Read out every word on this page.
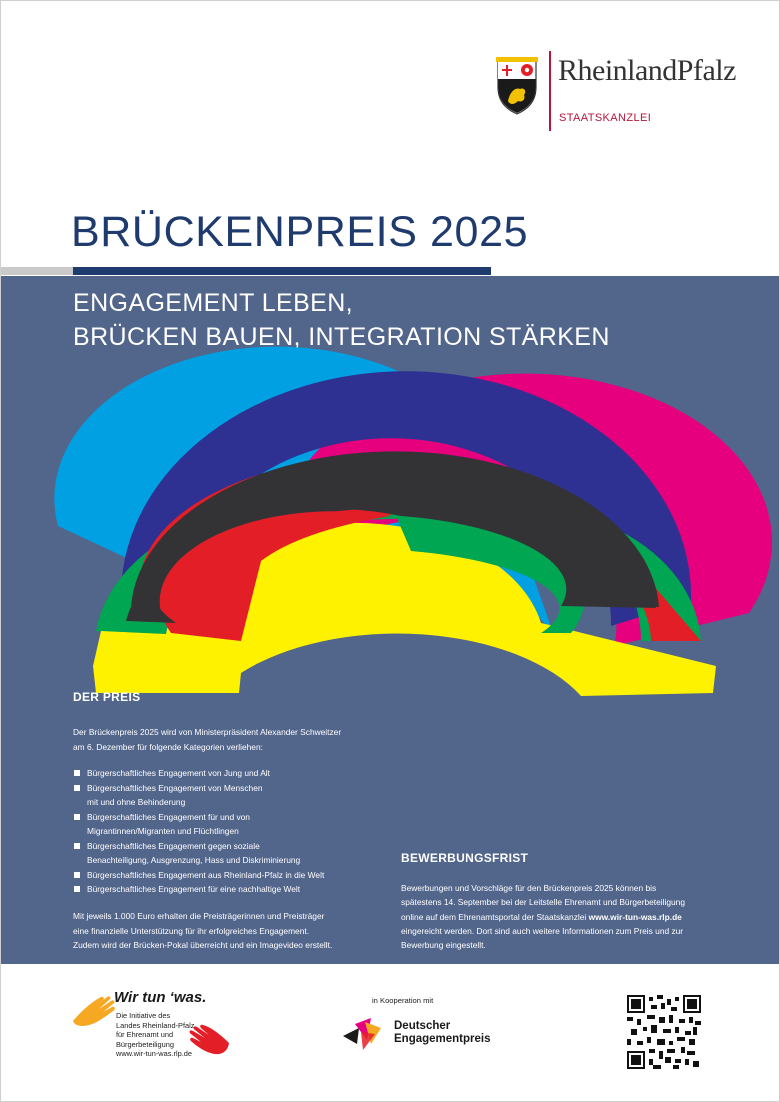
RheinlandPfalz
STAATSKANZLEI
BRÜCKENPREIS 2025
ENGAGEMENT LEBEN,
BRÜCKEN BAUEN, INTEGRATION STÄRKEN
DER PREIS
Der Brückenpreis 2025 wird von Ministerpräsident Alexander Schweitzer
am 6. Dezember für folgende Kategorien verliehen:
Bürgerschaftliches Engagement von Jung und Alt
Bürgerschaftliches Engagement von Menschen
mit und ohne Behinderung
Bürgerschaftliches Engagement für und von
Migrantinnen/Migranten und Flüchtlingen
Bürgerschaftliches Engagement gegen soziale
Benachteiligung, Ausgrenzung, Hass und Diskriminierung
Bürgerschaftliches Engagement aus Rheinland-Pfalz in die Welt
Bürgerschaftliches Engagement für eine nachhaltige Welt
Mit jeweils 1.000 Euro erhalten die Preisträgerinnen und Preisträger
eine finanzielle Unterstützung für ihr erfolgreiches Engagement.
Zudem wird der Brücken-Pokal überreicht und ein Imagevideo erstellt.
BEWERBUNGSFRIST
Bewerbungen und Vorschläge für den Brückenpreis 2025 können bis
spätestens 14. September bei der Leitstelle Ehrenamt und Bürgerbeteiligung
online auf dem Ehrenamtsportal der Staatskanzlei www.wir-tun-was.rlp.de
eingereicht werden. Dort sind auch weitere Informationen zum Preis und zur
Bewerbung eingestellt.
Wir tun ‘was.
Die Initiative des
Landes Rheinland-Pfalz
für Ehrenamt und
Bürgerbeteiligung
www.wir-tun-was.rlp.de
in Kooperation mit
Deutscher
Engagementpreis
